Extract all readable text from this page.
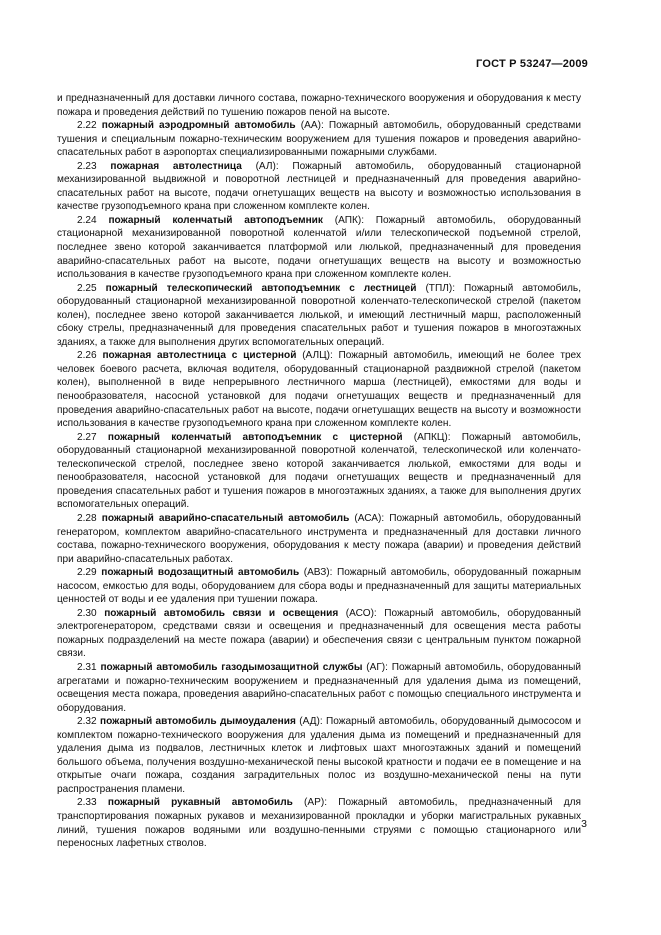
ГОСТ Р 53247—2009

и предназначенный для доставки личного состава, пожарно-технического вооружения и оборудования к месту пожара и проведения действий по тушению пожаров пеной на высоте.

2.22 пожарный аэродромный автомобиль (АА): Пожарный автомобиль, оборудованный средствами тушения и специальным пожарно-техническим вооружением для тушения пожаров и проведения аварийно-спасательных работ в аэропортах специализированными пожарными службами.

2.23 пожарная автолестница (АЛ): Пожарный автомобиль, оборудованный стационарной механизированной выдвижной и поворотной лестницей и предназначенный для проведения аварийно-спасательных работ на высоте, подачи огнетушащих веществ на высоту и возможностью использования в качестве грузоподъемного крана при сложенном комплекте колен.

2.24 пожарный коленчатый автоподъемник (АПК): Пожарный автомобиль, оборудованный стационарной механизированной поворотной коленчатой и/или телескопической подъемной стрелой, последнее звено которой заканчивается платформой или люлькой, предназначенный для проведения аварийно-спасательных работ на высоте, подачи огнетушащих веществ на высоту и возможностью использования в качестве грузоподъемного крана при сложенном комплекте колен.

2.25 пожарный телескопический автоподъемник с лестницей (ТПЛ): Пожарный автомобиль, оборудованный стационарной механизированной поворотной коленчато-телескопической стрелой (пакетом колен), последнее звено которой заканчивается люлькой, и имеющий лестничный марш, расположенный сбоку стрелы, предназначенный для проведения спасательных работ и тушения пожаров в многоэтажных зданиях, а также для выполнения других вспомогательных операций.

2.26 пожарная автолестница с цистерной (АЛЦ): Пожарный автомобиль, имеющий не более трех человек боевого расчета, включая водителя, оборудованный стационарной раздвижной стрелой (пакетом колен), выполненной в виде непрерывного лестничного марша (лестницей), емкостями для воды и пенообразователя, насосной установкой для подачи огнетушащих веществ и предназначенный для проведения аварийно-спасательных работ на высоте, подачи огнетушащих веществ на высоту и возможности использования в качестве грузоподъемного крана при сложенном комплекте колен.

2.27 пожарный коленчатый автоподъемник с цистерной (АПКЦ): Пожарный автомобиль, оборудованный стационарной механизированной поворотной коленчатой, телескопической или коленчато-телескопической стрелой, последнее звено которой заканчивается люлькой, емкостями для воды и пенообразователя, насосной установкой для подачи огнетушащих веществ и предназначенный для проведения спасательных работ и тушения пожаров в многоэтажных зданиях, а также для выполнения других вспомогательных операций.

2.28 пожарный аварийно-спасательный автомобиль (АСА): Пожарный автомобиль, оборудованный генератором, комплектом аварийно-спасательного инструмента и предназначенный для доставки личного состава, пожарно-технического вооружения, оборудования к месту пожара (аварии) и проведения действий при аварийно-спасательных работах.

2.29 пожарный водозащитный автомобиль (АВЗ): Пожарный автомобиль, оборудованный пожарным насосом, емкостью для воды, оборудованием для сбора воды и предназначенный для защиты материальных ценностей от воды и ее удаления при тушении пожара.

2.30 пожарный автомобиль связи и освещения (АСО): Пожарный автомобиль, оборудованный электрогенератором, средствами связи и освещения и предназначенный для освещения места работы пожарных подразделений на месте пожара (аварии) и обеспечения связи с центральным пунктом пожарной связи.

2.31 пожарный автомобиль газодымозащитной службы (АГ): Пожарный автомобиль, оборудованный агрегатами и пожарно-техническим вооружением и предназначенный для удаления дыма из помещений, освещения места пожара, проведения аварийно-спасательных работ с помощью специального инструмента и оборудования.

2.32 пожарный автомобиль дымоудаления (АД): Пожарный автомобиль, оборудованный дымососом и комплектом пожарно-технического вооружения для удаления дыма из помещений и предназначенный для удаления дыма из подвалов, лестничных клеток и лифтовых шахт многоэтажных зданий и помещений большого объема, получения воздушно-механической пены высокой кратности и подачи ее в помещение и на открытые очаги пожара, создания заградительных полос из воздушно-механической пены на пути распространения пламени.

2.33 пожарный рукавный автомобиль (АР): Пожарный автомобиль, предназначенный для транспортирования пожарных рукавов и механизированной прокладки и уборки магистральных рукавных линий, тушения пожаров водяными или воздушно-пенными струями с помощью стационарного или переносных лафетных стволов.

3
